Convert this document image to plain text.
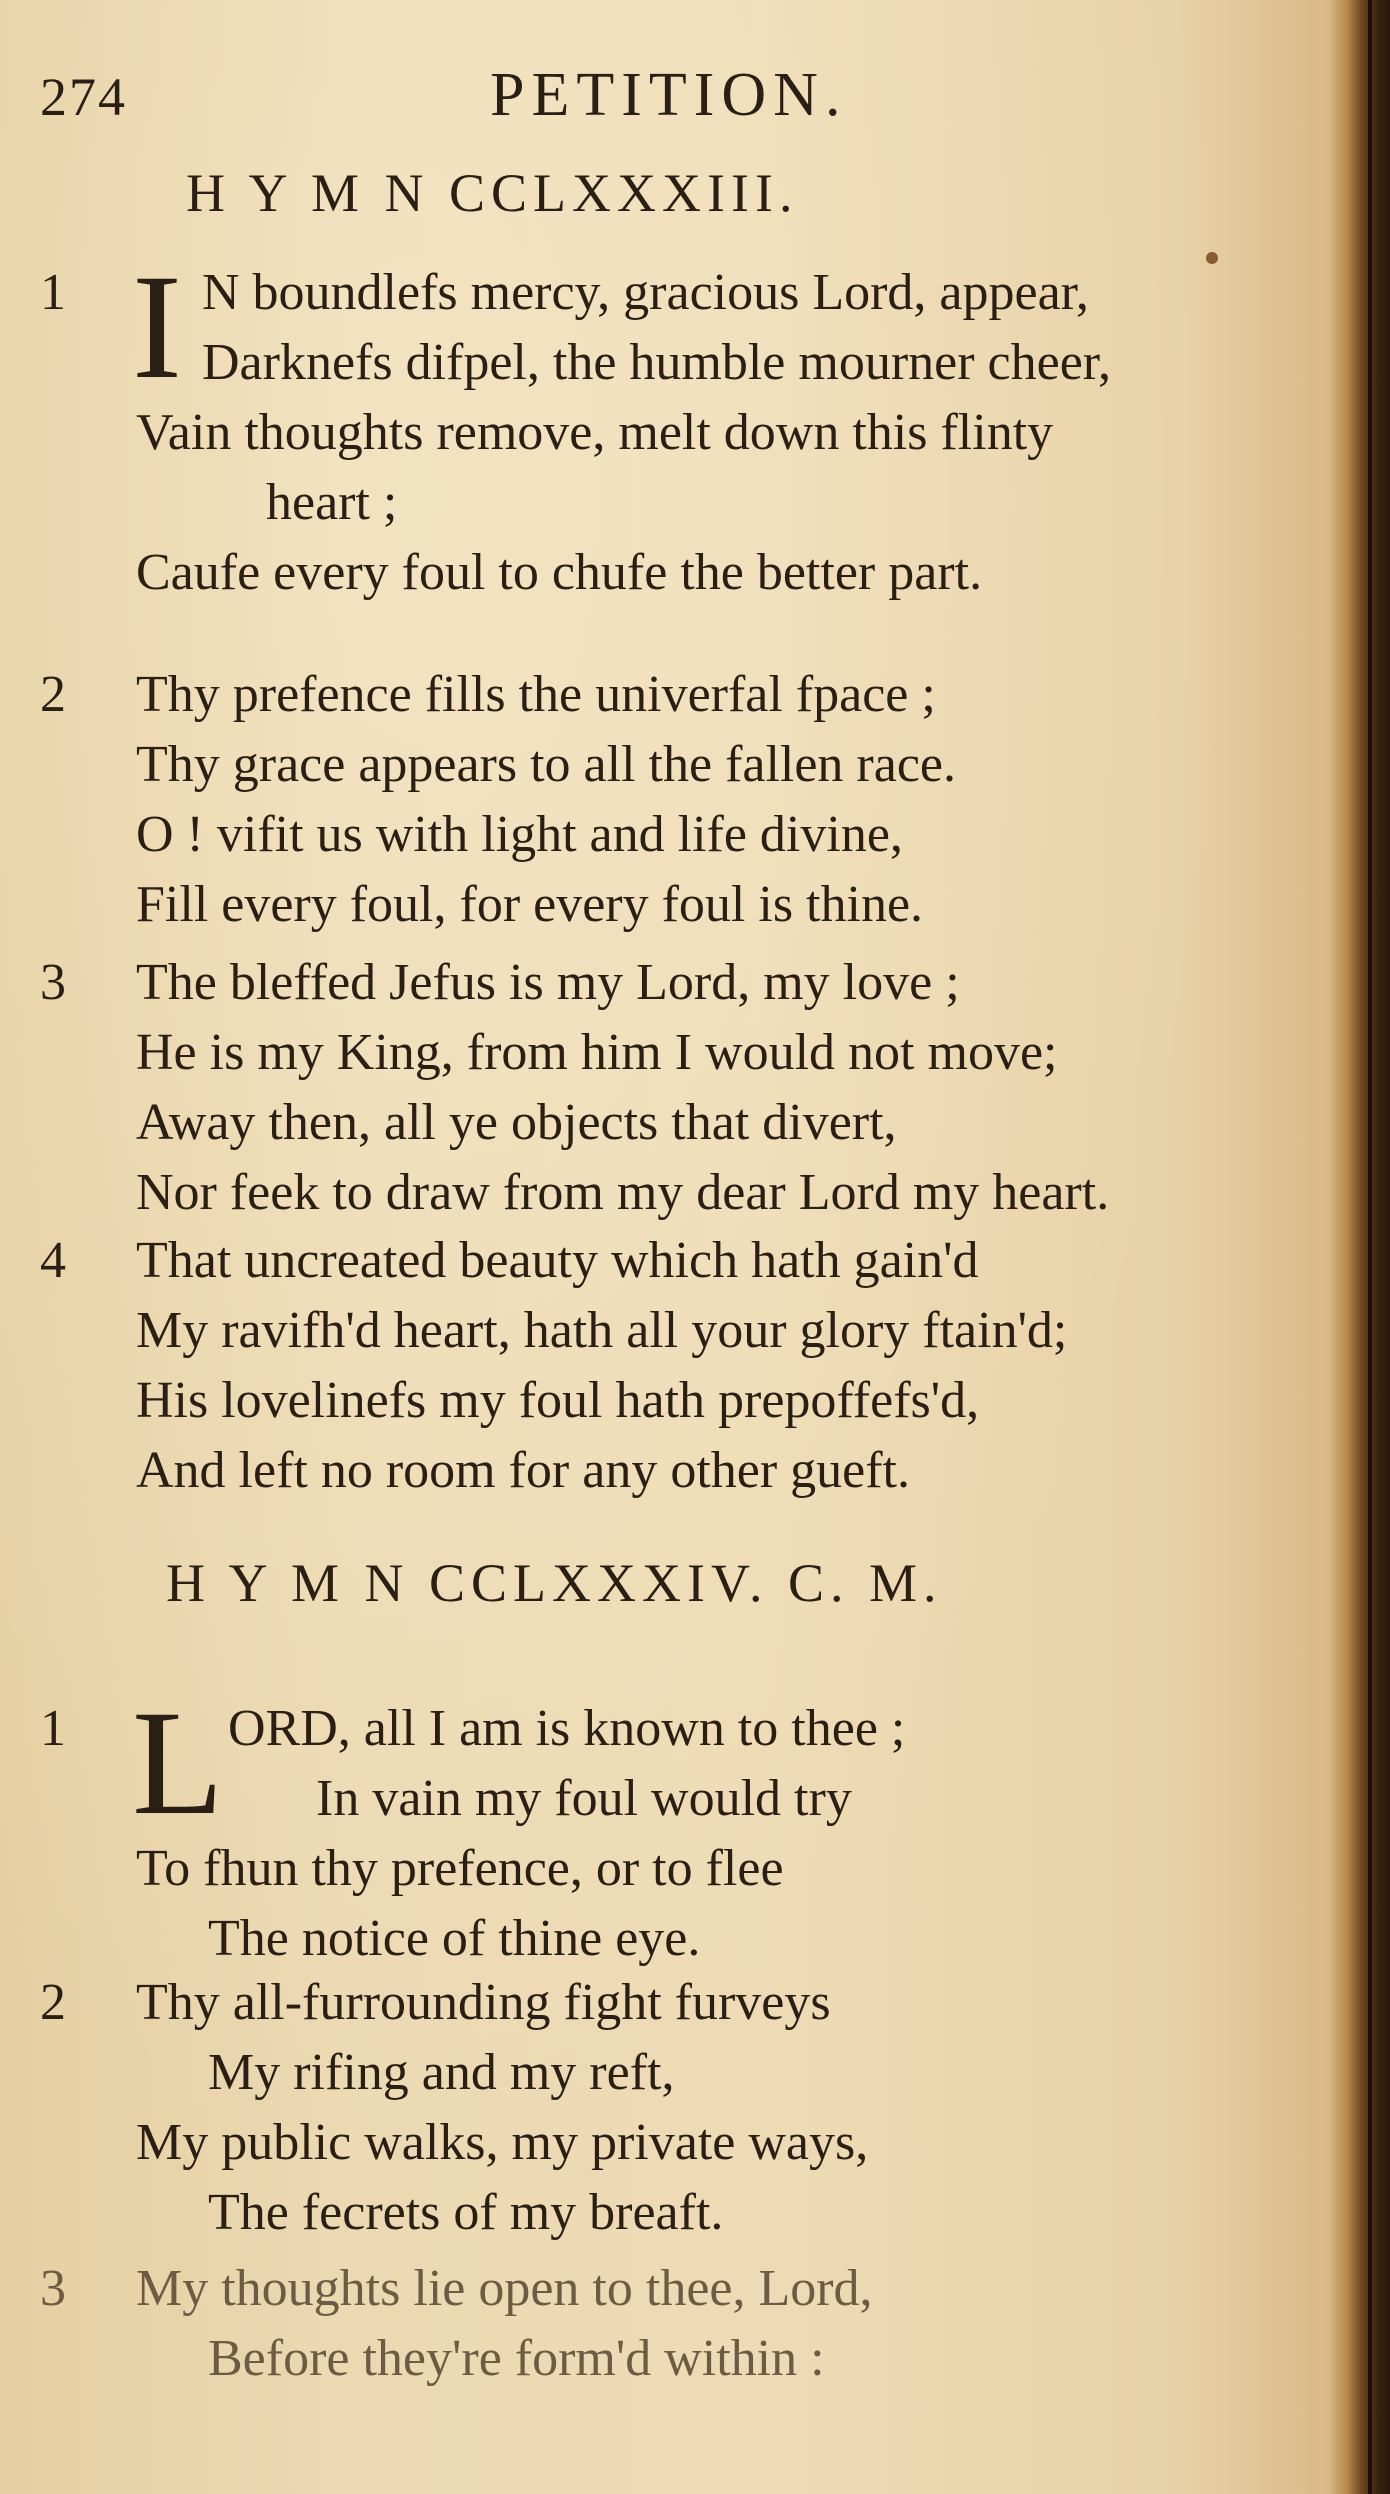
274	PETITION.
H Y M N CCLXXXIII.
1 I N boundlefs mercy, gracious Lord, appear,
Darknefs difpel, the humble mourner cheer,
Vain thoughts remove, melt down this flinty
heart ;
Caufe every foul to chufe the better part.
2 Thy prefence fills the univerfal fpace ;
Thy grace appears to all the fallen race.
O ! vifit us with light and life divine,
Fill every foul, for every foul is thine.
3 The bleffed Jefus is my Lord, my love ;
He is my King, from him I would not move;
Away then, all ye objects that divert,
Nor feek to draw from my dear Lord my heart.
4 That uncreated beauty which hath gain'd
My ravifh'd heart, hath all your glory ftain'd;
His lovelinefs my foul hath prepoffefs'd,
And left no room for any other gueft.
H Y M N CCLXXXIV. C. M.
1 L ORD, all I am is known to thee ;
In vain my foul would try
To fhun thy prefence, or to flee
The notice of thine eye.
2 Thy all-furrounding fight furveys
My rifing and my reft,
My public walks, my private ways,
The fecrets of my breaft.
3 My thoughts lie open to thee, Lord,
Before they're form'd within :
